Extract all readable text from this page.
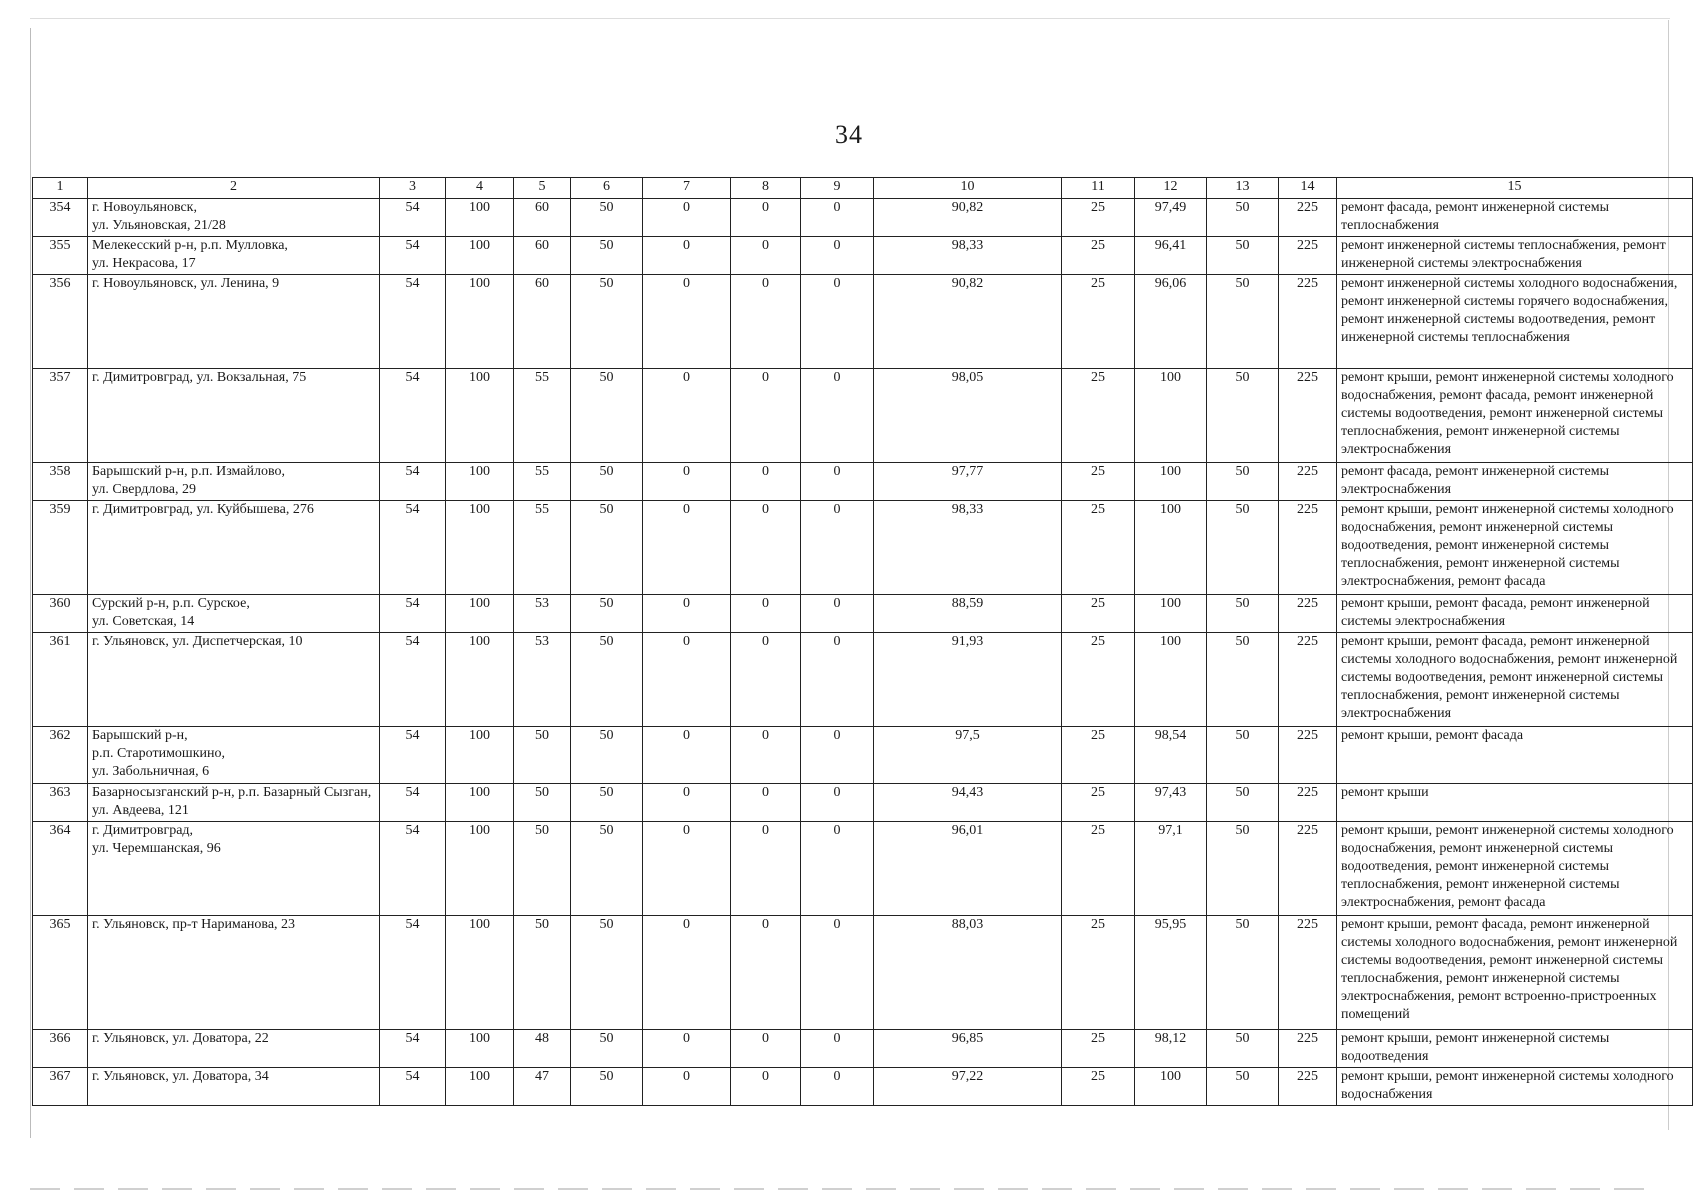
34
1	2	3	4	5	6	7	8	9	10	11	12	13	14	15
354	г. Новоульяновск,
ул. Ульяновская, 21/28	54	100	60	50	0	0	0	90,82	25	97,49	50	225	ремонт фасада, ремонт инженерной системы теплоснабжения
355	Мелекесский р-н, р.п. Мулловка,
ул. Некрасова, 17	54	100	60	50	0	0	0	98,33	25	96,41	50	225	ремонт инженерной системы теплоснабжения, ремонт инженерной системы электроснабжения
356	г. Новоульяновск, ул. Ленина, 9	54	100	60	50	0	0	0	90,82	25	96,06	50	225	ремонт инженерной системы холодного водоснабжения, ремонт инженерной системы горячего водоснабжения, ремонт инженерной системы водоотведения, ремонт инженерной системы теплоснабжения
357	г. Димитровград, ул. Вокзальная, 75	54	100	55	50	0	0	0	98,05	25	100	50	225	ремонт крыши, ремонт инженерной системы холодного водоснабжения, ремонт фасада, ремонт инженерной системы водоотведения, ремонт инженерной системы теплоснабжения, ремонт инженерной системы электроснабжения
358	Барышский р-н, р.п. Измайлово,
ул. Свердлова, 29	54	100	55	50	0	0	0	97,77	25	100	50	225	ремонт фасада, ремонт инженерной системы электроснабжения
359	г. Димитровград, ул. Куйбышева, 276	54	100	55	50	0	0	0	98,33	25	100	50	225	ремонт крыши, ремонт инженерной системы холодного водоснабжения, ремонт инженерной системы водоотведения, ремонт инженерной системы теплоснабжения, ремонт инженерной системы электроснабжения, ремонт фасада
360	Сурский р-н, р.п. Сурское,
ул. Советская, 14	54	100	53	50	0	0	0	88,59	25	100	50	225	ремонт крыши, ремонт фасада, ремонт инженерной системы электроснабжения
361	г. Ульяновск, ул. Диспетчерская, 10	54	100	53	50	0	0	0	91,93	25	100	50	225	ремонт крыши, ремонт фасада, ремонт инженерной системы холодного водоснабжения, ремонт инженерной системы водоотведения, ремонт инженерной системы теплоснабжения, ремонт инженерной системы электроснабжения
362	Барышский р-н,
р.п. Старотимошкино,
ул. Забольничная, 6	54	100	50	50	0	0	0	97,5	25	98,54	50	225	ремонт крыши, ремонт фасада
363	Базарносызганский р-н, р.п. Базарный Сызган, ул. Авдеева, 121	54	100	50	50	0	0	0	94,43	25	97,43	50	225	ремонт крыши
364	г. Димитровград,
ул. Черемшанская, 96	54	100	50	50	0	0	0	96,01	25	97,1	50	225	ремонт крыши, ремонт инженерной системы холодного водоснабжения, ремонт инженерной системы водоотведения, ремонт инженерной системы теплоснабжения, ремонт инженерной системы электроснабжения, ремонт фасада
365	г. Ульяновск, пр-т Нариманова, 23	54	100	50	50	0	0	0	88,03	25	95,95	50	225	ремонт крыши, ремонт фасада, ремонт инженерной системы холодного водоснабжения, ремонт инженерной системы водоотведения, ремонт инженерной системы теплоснабжения, ремонт инженерной системы электроснабжения, ремонт встроенно-пристроенных помещений
366	г. Ульяновск, ул. Доватора, 22	54	100	48	50	0	0	0	96,85	25	98,12	50	225	ремонт крыши, ремонт инженерной системы водоотведения
367	г. Ульяновск, ул. Доватора, 34	54	100	47	50	0	0	0	97,22	25	100	50	225	ремонт крыши, ремонт инженерной системы холодного водоснабжения
